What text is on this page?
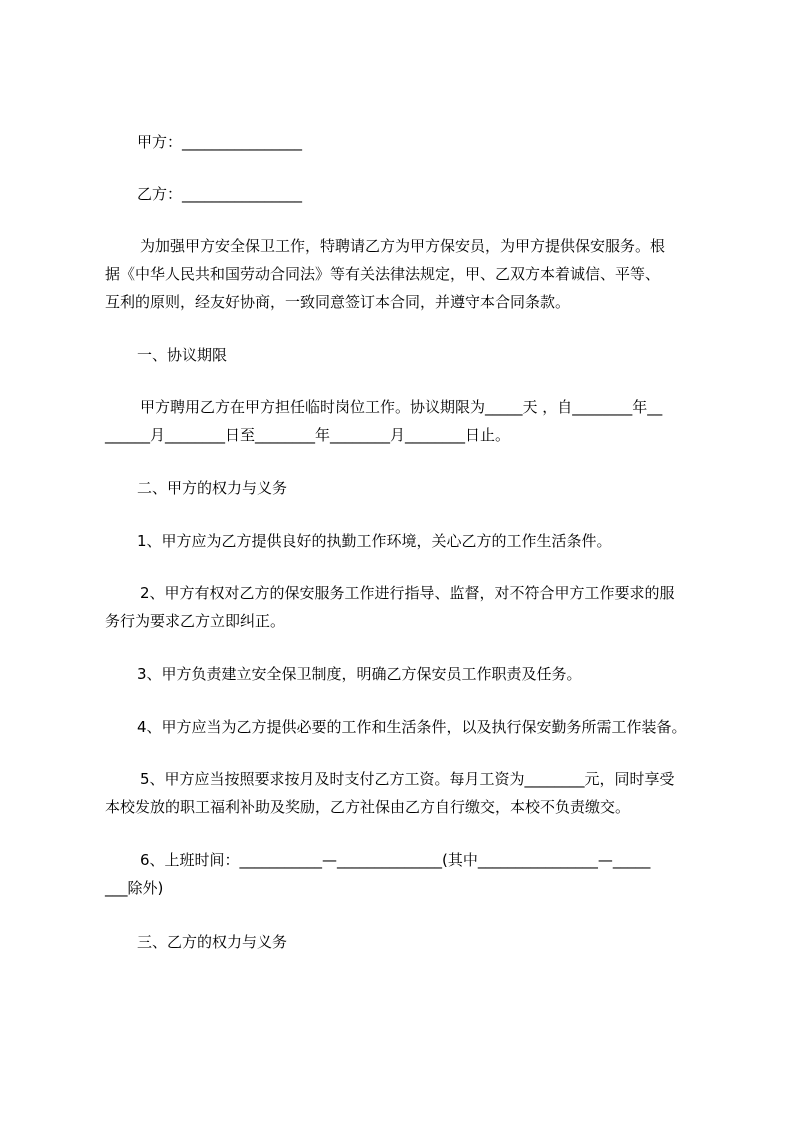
甲方：________________
乙方：________________
为加强甲方安全保卫工作，特聘请乙方为甲方保安员，为甲方提供保安服务。根
据《中华人民共和国劳动合同法》等有关法律法规定，甲、乙双方本着诚信、平等、
互利的原则，经友好协商，一致同意签订本合同，并遵守本合同条款。
一、协议期限
甲方聘用乙方在甲方担任临时岗位工作。协议期限为_____天 ，自________年__
______月________日至________年________月________日止。
二、甲方的权力与义务
1、甲方应为乙方提供良好的执勤工作环境，关心乙方的工作生活条件。
2、甲方有权对乙方的保安服务工作进行指导、监督，对不符合甲方工作要求的服
务行为要求乙方立即纠正。
3、甲方负责建立安全保卫制度，明确乙方保安员工作职责及任务。
4、甲方应当为乙方提供必要的工作和生活条件，以及执行保安勤务所需工作装备。
5、甲方应当按照要求按月及时支付乙方工资。每月工资为________元，同时享受
本校发放的职工福利补助及奖励，乙方社保由乙方自行缴交，本校不负责缴交。
6、上班时间：___________—______________(其中________________—_____
___除外)
三、乙方的权力与义务
